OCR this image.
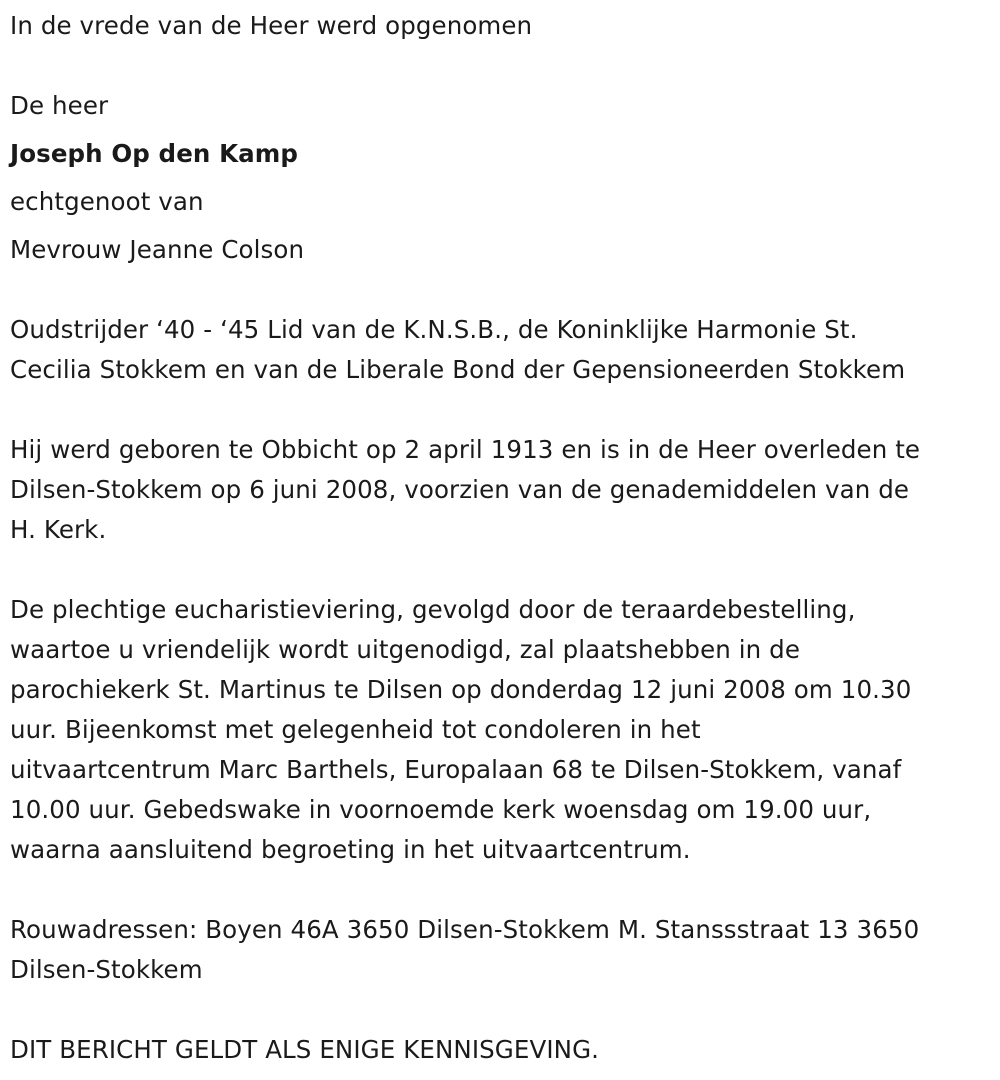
In de vrede van de Heer werd opgenomen
De heer
Joseph Op den Kamp
echtgenoot van
Mevrouw Jeanne Colson
Oudstrijder ‘40 - ‘45 Lid van de K.N.S.B., de Koninklijke Harmonie St.
Cecilia Stokkem en van de Liberale Bond der Gepensioneerden Stokkem
Hij werd geboren te Obbicht op 2 april 1913 en is in de Heer overleden te
Dilsen-Stokkem op 6 juni 2008, voorzien van de genademiddelen van de
H. Kerk.
De plechtige eucharistieviering, gevolgd door de teraardebestelling,
waartoe u vriendelijk wordt uitgenodigd, zal plaatshebben in de
parochiekerk St. Martinus te Dilsen op donderdag 12 juni 2008 om 10.30
uur. Bijeenkomst met gelegenheid tot condoleren in het
uitvaartcentrum Marc Barthels, Europalaan 68 te Dilsen-Stokkem, vanaf
10.00 uur. Gebedswake in voornoemde kerk woensdag om 19.00 uur,
waarna aansluitend begroeting in het uitvaartcentrum.
Rouwadressen: Boyen 46A 3650 Dilsen-Stokkem M. Stanssstraat 13 3650
Dilsen-Stokkem
DIT BERICHT GELDT ALS ENIGE KENNISGEVING.
